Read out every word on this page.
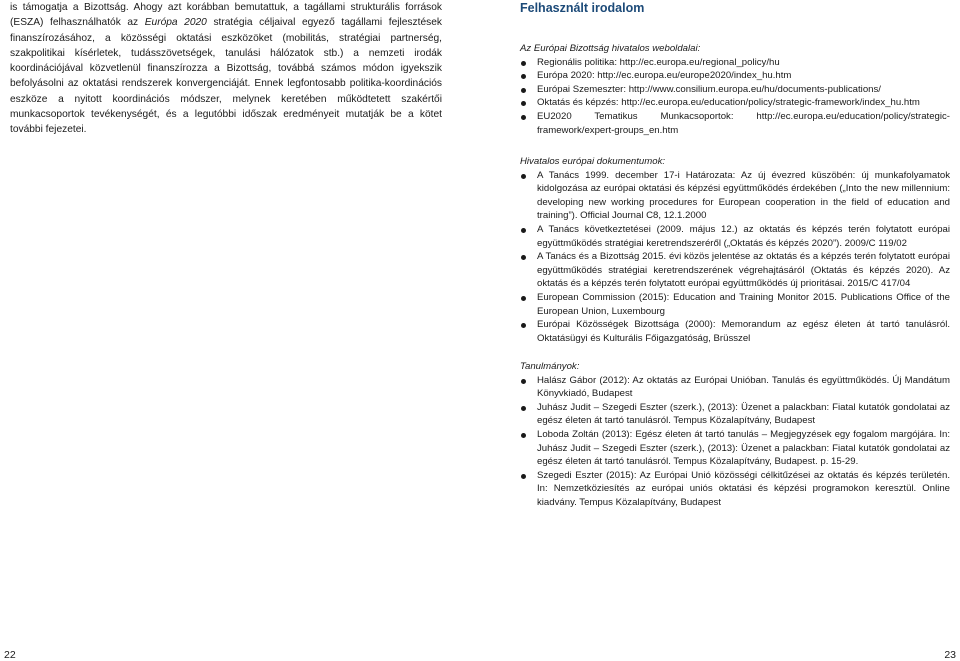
is támogatja a Bizottság. Ahogy azt korábban bemutattuk, a tagállami strukturális források (ESZA) felhasználhatók az Európa 2020 stratégia céljaival egyező tagállami fejlesztések finanszírozásához, a közösségi oktatási eszközöket (mobilitás, stratégiai partnerség, szakpolitikai kísérletek, tudásszövetségek, tanulási hálózatok stb.) a nemzeti irodák koordinációjával közvetlenül finanszírozza a Bizottság, továbbá számos módon igyekszik befolyásolni az oktatási rendszerek konvergenciáját. Ennek legfontosabb politika-koordinációs eszköze a nyitott koordinációs módszer, melynek keretében működtetett szakértői munkacsoportok tevékenységét, és a legutóbbi időszak eredményeit mutatják be a kötet további fejezetei.

Felhasznált irodalom

Az Európai Bizottság hivatalos weboldalai:

Regionális politika: http://ec.europa.eu/regional_policy/hu
Európa 2020: http://ec.europa.eu/europe2020/index_hu.htm
Európai Szemeszter: http://www.consilium.europa.eu/hu/documents-publications/
Oktatás és képzés: http://ec.europa.eu/education/policy/strategic-framework/index_hu.htm
EU2020 Tematikus Munkacsoportok: http://ec.europa.eu/education/policy/strategic-framework/expert-groups_en.htm

Hivatalos európai dokumentumok:

A Tanács 1999. december 17-i Határozata: Az új évezred küszöbén: új munkafolyamatok kidolgozása az európai oktatási és képzési együttműködés érdekében („Into the new millennium: developing new working procedures for European cooperation in the field of education and training”). Official Journal C8, 12.1.2000
A Tanács következtetései (2009. május 12.) az oktatás és képzés terén folytatott európai együttműködés stratégiai keretrendszeréről („Oktatás és képzés 2020”). 2009/C 119/02
A Tanács és a Bizottság 2015. évi közös jelentése az oktatás és a képzés terén folytatott európai együttműködés stratégiai keretrendszerének végrehajtásáról (Oktatás és képzés 2020). Az oktatás és a képzés terén folytatott európai együttműködés új prioritásai. 2015/C 417/04
European Commission (2015): Education and Training Monitor 2015. Publications Office of the European Union, Luxembourg
Európai Közösségek Bizottsága (2000): Memorandum az egész életen át tartó tanulásról. Oktatásügyi és Kulturális Főigazgatóság, Brüsszel

Tanulmányok:

Halász Gábor (2012): Az oktatás az Európai Unióban. Tanulás és együttműködés. Új Mandátum Könyvkiadó, Budapest
Juhász Judit – Szegedi Eszter (szerk.), (2013): Üzenet a palackban: Fiatal kutatók gondolatai az egész életen át tartó tanulásról. Tempus Közalapítvány, Budapest
Loboda Zoltán (2013): Egész életen át tartó tanulás – Megjegyzések egy fogalom margójára. In: Juhász Judit – Szegedi Eszter (szerk.), (2013): Üzenet a palackban: Fiatal kutatók gondolatai az egész életen át tartó tanulásról. Tempus Közalapítvány, Budapest. p. 15-29.
Szegedi Eszter (2015): Az Európai Unió közösségi célkitűzései az oktatás és képzés területén. In: Nemzetköziesítés az európai uniós oktatási és képzési programokon keresztül. Online kiadvány. Tempus Közalapítvány, Budapest
22	23
